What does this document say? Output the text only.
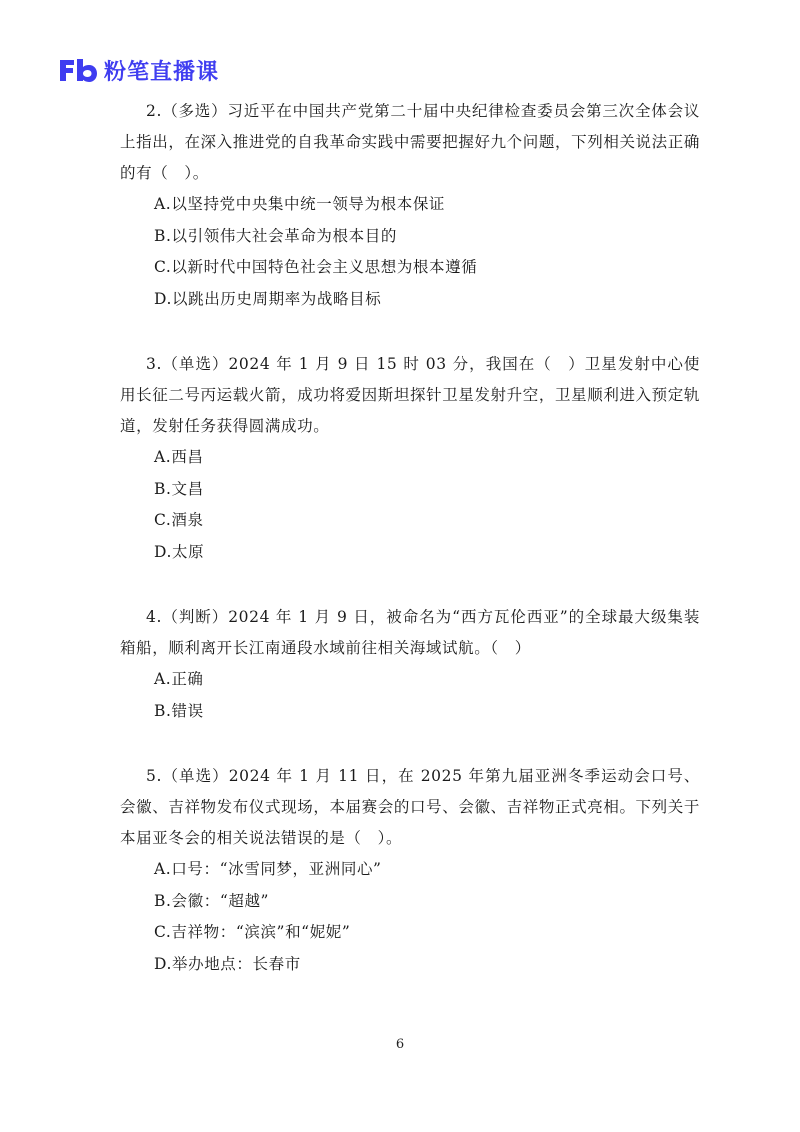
粉笔直播课
2.（多选）习近平在中国共产党第二十届中央纪律检查委员会第三次全体会议上指出，在深入推进党的自我革命实践中需要把握好九个问题，下列相关说法正确的有（　）。
A.以坚持党中央集中统一领导为根本保证
B.以引领伟大社会革命为根本目的
C.以新时代中国特色社会主义思想为根本遵循
D.以跳出历史周期率为战略目标
3.（单选）2024 年 1 月 9 日 15 时 03 分，我国在（　）卫星发射中心使用长征二号丙运载火箭，成功将爱因斯坦探针卫星发射升空，卫星顺利进入预定轨道，发射任务获得圆满成功。
A.西昌
B.文昌
C.酒泉
D.太原
4.（判断）2024 年 1 月 9 日，被命名为“西方瓦伦西亚”的全球最大级集装箱船，顺利离开长江南通段水域前往相关海域试航。（　）
A.正确
B.错误
5.（单选）2024 年 1 月 11 日，在 2025 年第九届亚洲冬季运动会口号、会徽、吉祥物发布仪式现场，本届赛会的口号、会徽、吉祥物正式亮相。下列关于本届亚冬会的相关说法错误的是（　）。
A.口号：“冰雪同梦，亚洲同心”
B.会徽：“超越”
C.吉祥物：“滨滨”和“妮妮”
D.举办地点：长春市
6
